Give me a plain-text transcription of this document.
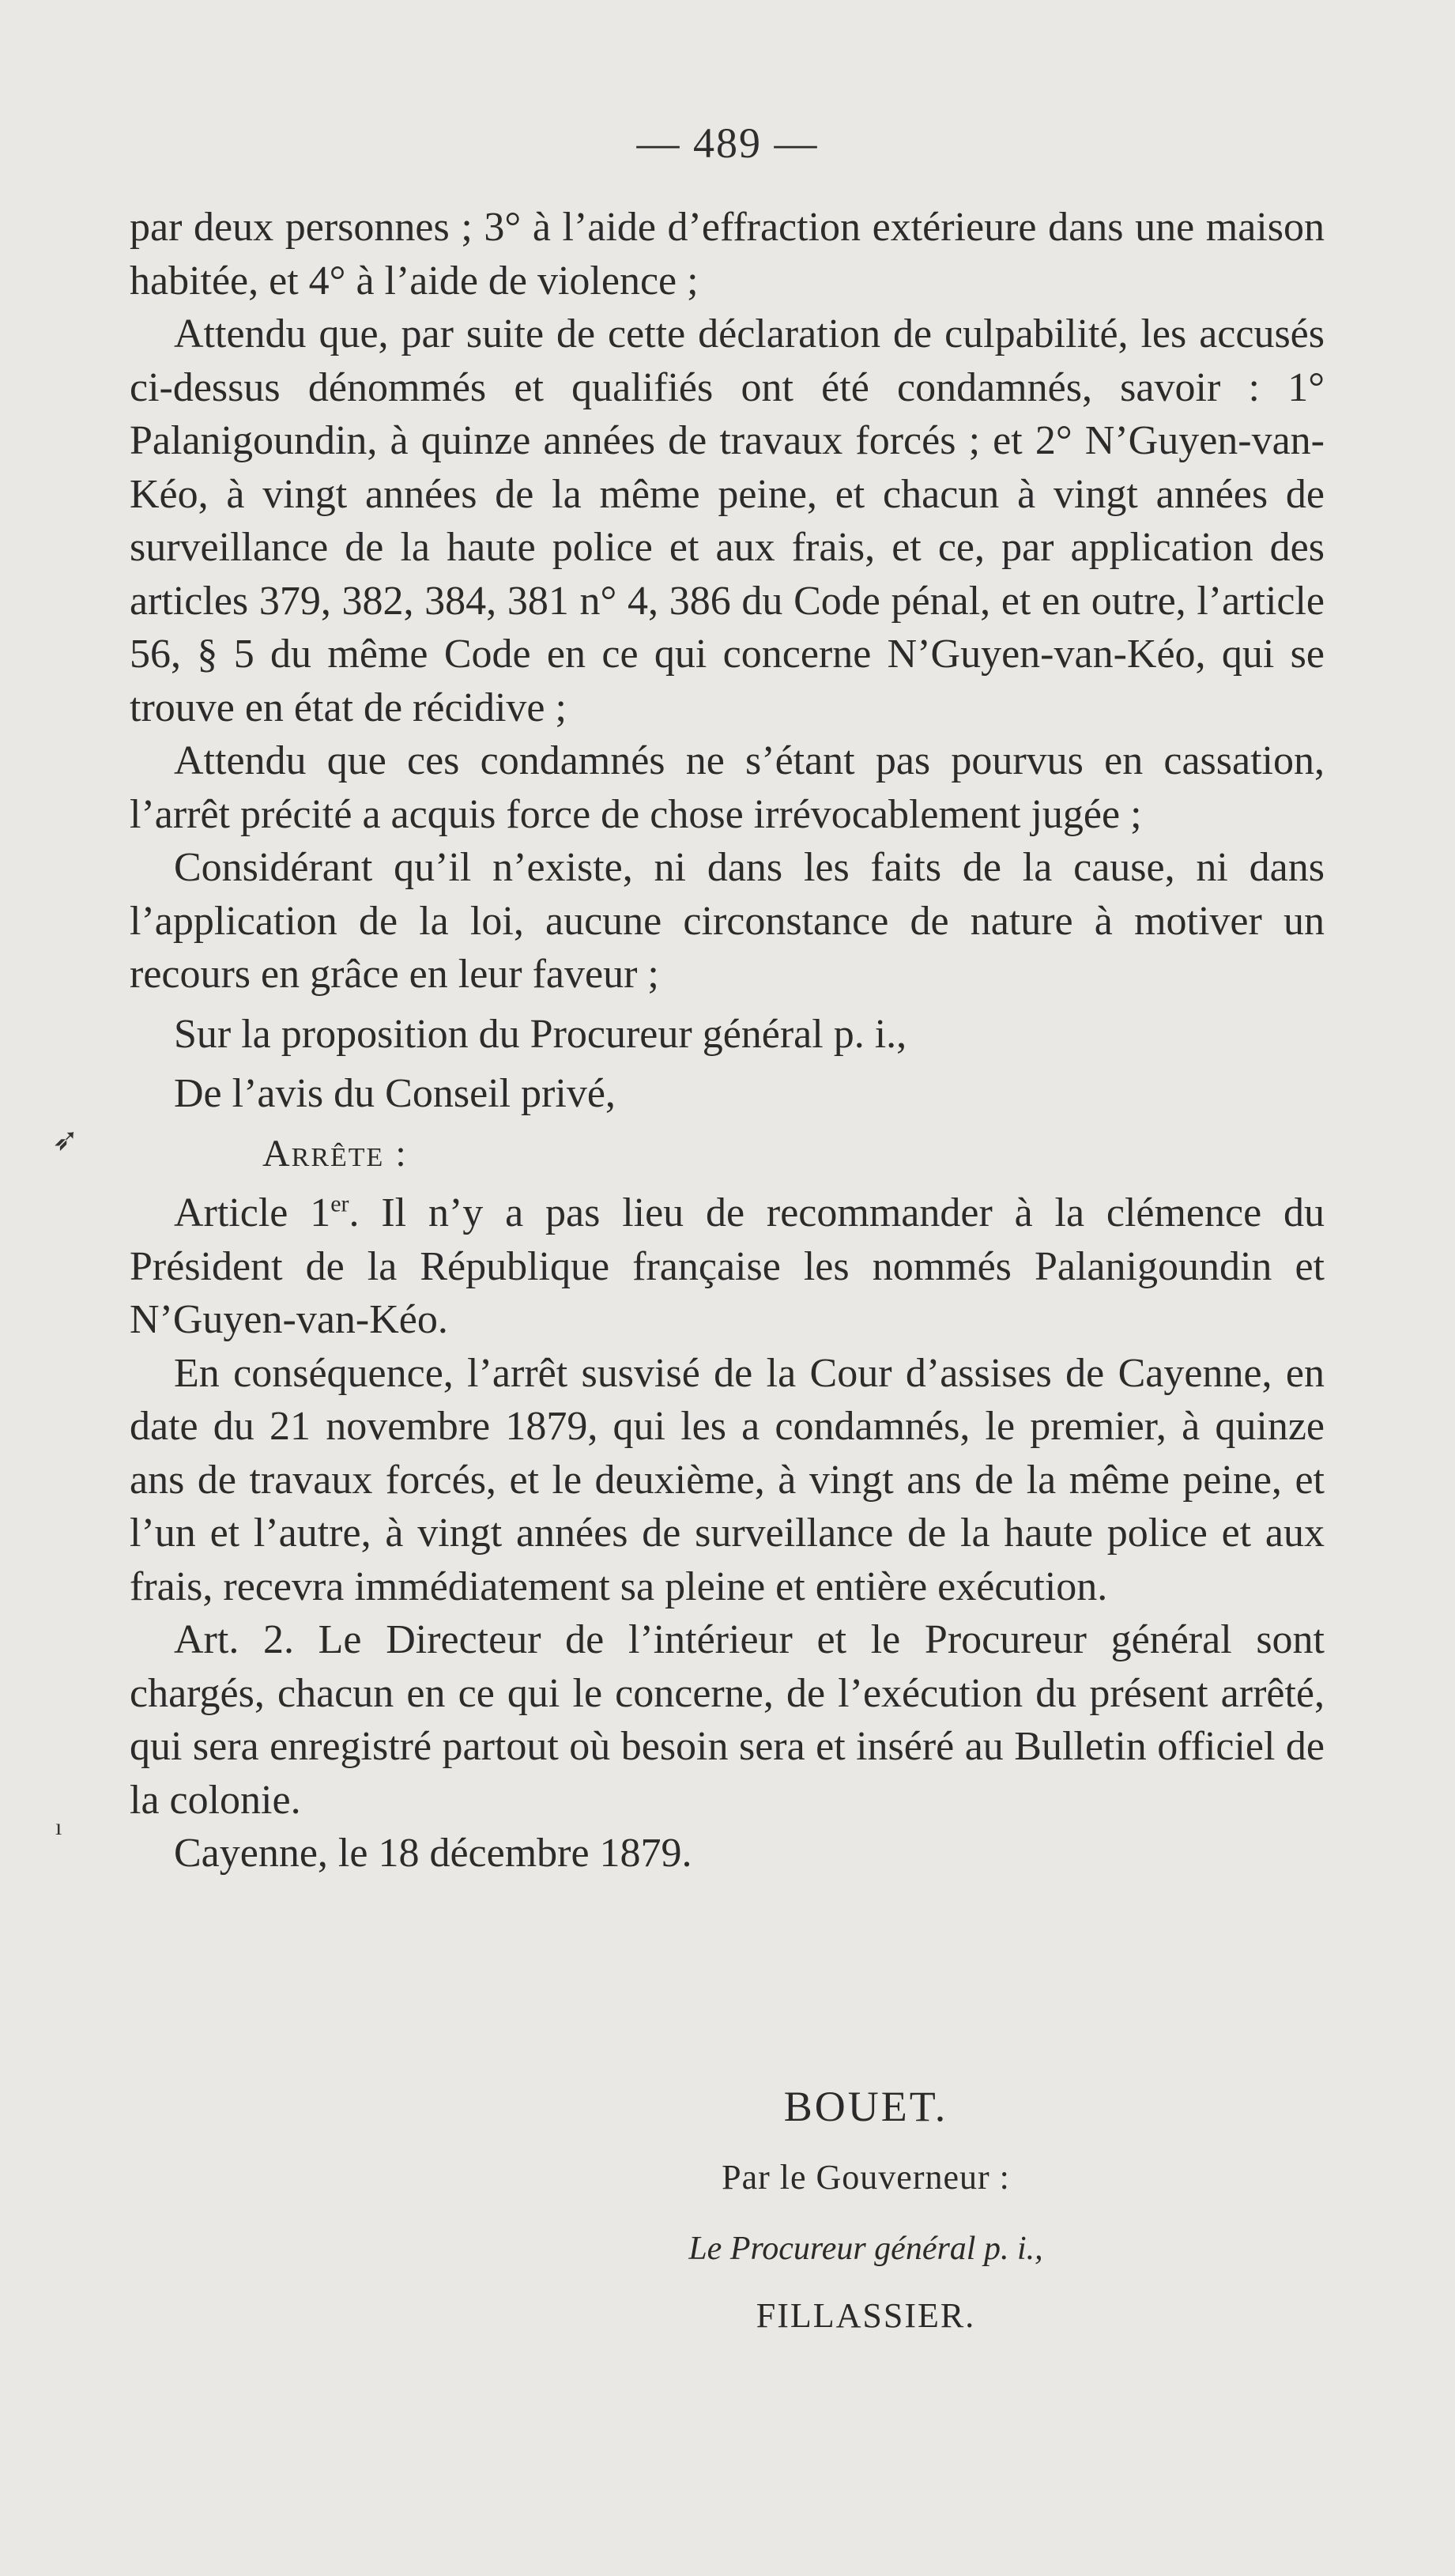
— 489 —
➶
ı

par deux personnes ; 3° à l’aide d’effraction extérieure dans une maison habitée, et 4° à l’aide de violence ;

Attendu que, par suite de cette déclaration de culpabilité, les accusés ci-dessus dénommés et qualifiés ont été condamnés, savoir : 1° Palanigoundin, à quinze années de travaux forcés ; et 2° N’Guyen-van-Kéo, à vingt années de la même peine, et chacun à vingt années de surveillance de la haute police et aux frais, et ce, par application des articles 379, 382, 384, 381 n° 4, 386 du Code pénal, et en outre, l’article 56, § 5 du même Code en ce qui concerne N’Guyen-van-Kéo, qui se trouve en état de récidive ;

Attendu que ces condamnés ne s’étant pas pourvus en cassation, l’arrêt précité a acquis force de chose irrévocablement jugée ;

Considérant qu’il n’existe, ni dans les faits de la cause, ni dans l’application de la loi, aucune circonstance de nature à motiver un recours en grâce en leur faveur ;

Sur la proposition du Procureur général p. i.,

De l’avis du Conseil privé,

Arrête :

Article 1er. Il n’y a pas lieu de recommander à la clémence du Président de la République française les nommés Palanigoundin et N’Guyen-van-Kéo.

En conséquence, l’arrêt susvisé de la Cour d’assises de Cayenne, en date du 21 novembre 1879, qui les a condamnés, le premier, à quinze ans de travaux forcés, et le deuxième, à vingt ans de la même peine, et l’un et l’autre, à vingt années de surveillance de la haute police et aux frais, recevra immédiatement sa pleine et entière exécution.

Art. 2. Le Directeur de l’intérieur et le Procureur général sont chargés, chacun en ce qui le concerne, de l’exécution du présent arrêté, qui sera enregistré partout où besoin sera et inséré au Bulletin officiel de la colonie.

Cayenne, le 18 décembre 1879.

BOUET.
Par le Gouverneur :
Le Procureur général p. i.,
FILLASSIER.
